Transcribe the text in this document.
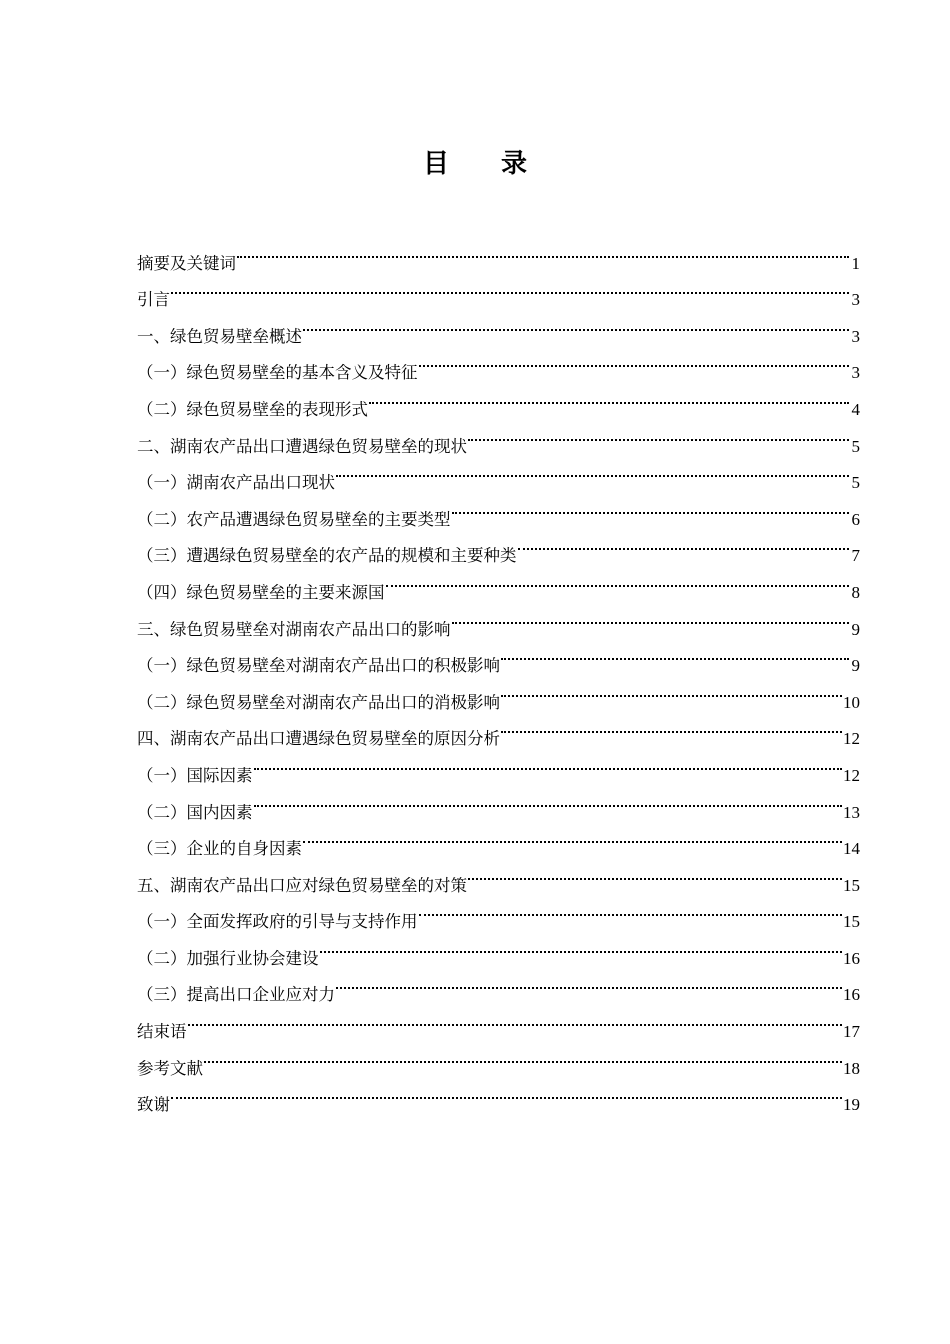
目录
摘要及关键词	1
引言	3
一、绿色贸易壁垒概述	3
（一）绿色贸易壁垒的基本含义及特征	3
（二）绿色贸易壁垒的表现形式	4
二、湖南农产品出口遭遇绿色贸易壁垒的现状	5
（一）湖南农产品出口现状	5
（二）农产品遭遇绿色贸易壁垒的主要类型	6
（三）遭遇绿色贸易壁垒的农产品的规模和主要种类	7
（四）绿色贸易壁垒的主要来源国	8
三、绿色贸易壁垒对湖南农产品出口的影响	9
（一）绿色贸易壁垒对湖南农产品出口的积极影响	9
（二）绿色贸易壁垒对湖南农产品出口的消极影响	10
四、湖南农产品出口遭遇绿色贸易壁垒的原因分析	12
（一）国际因素	12
（二）国内因素	13
（三）企业的自身因素	14
五、湖南农产品出口应对绿色贸易壁垒的对策	15
（一）全面发挥政府的引导与支持作用	15
（二）加强行业协会建设	16
（三）提高出口企业应对力	16
结束语	17
参考文献	18
致谢	19
